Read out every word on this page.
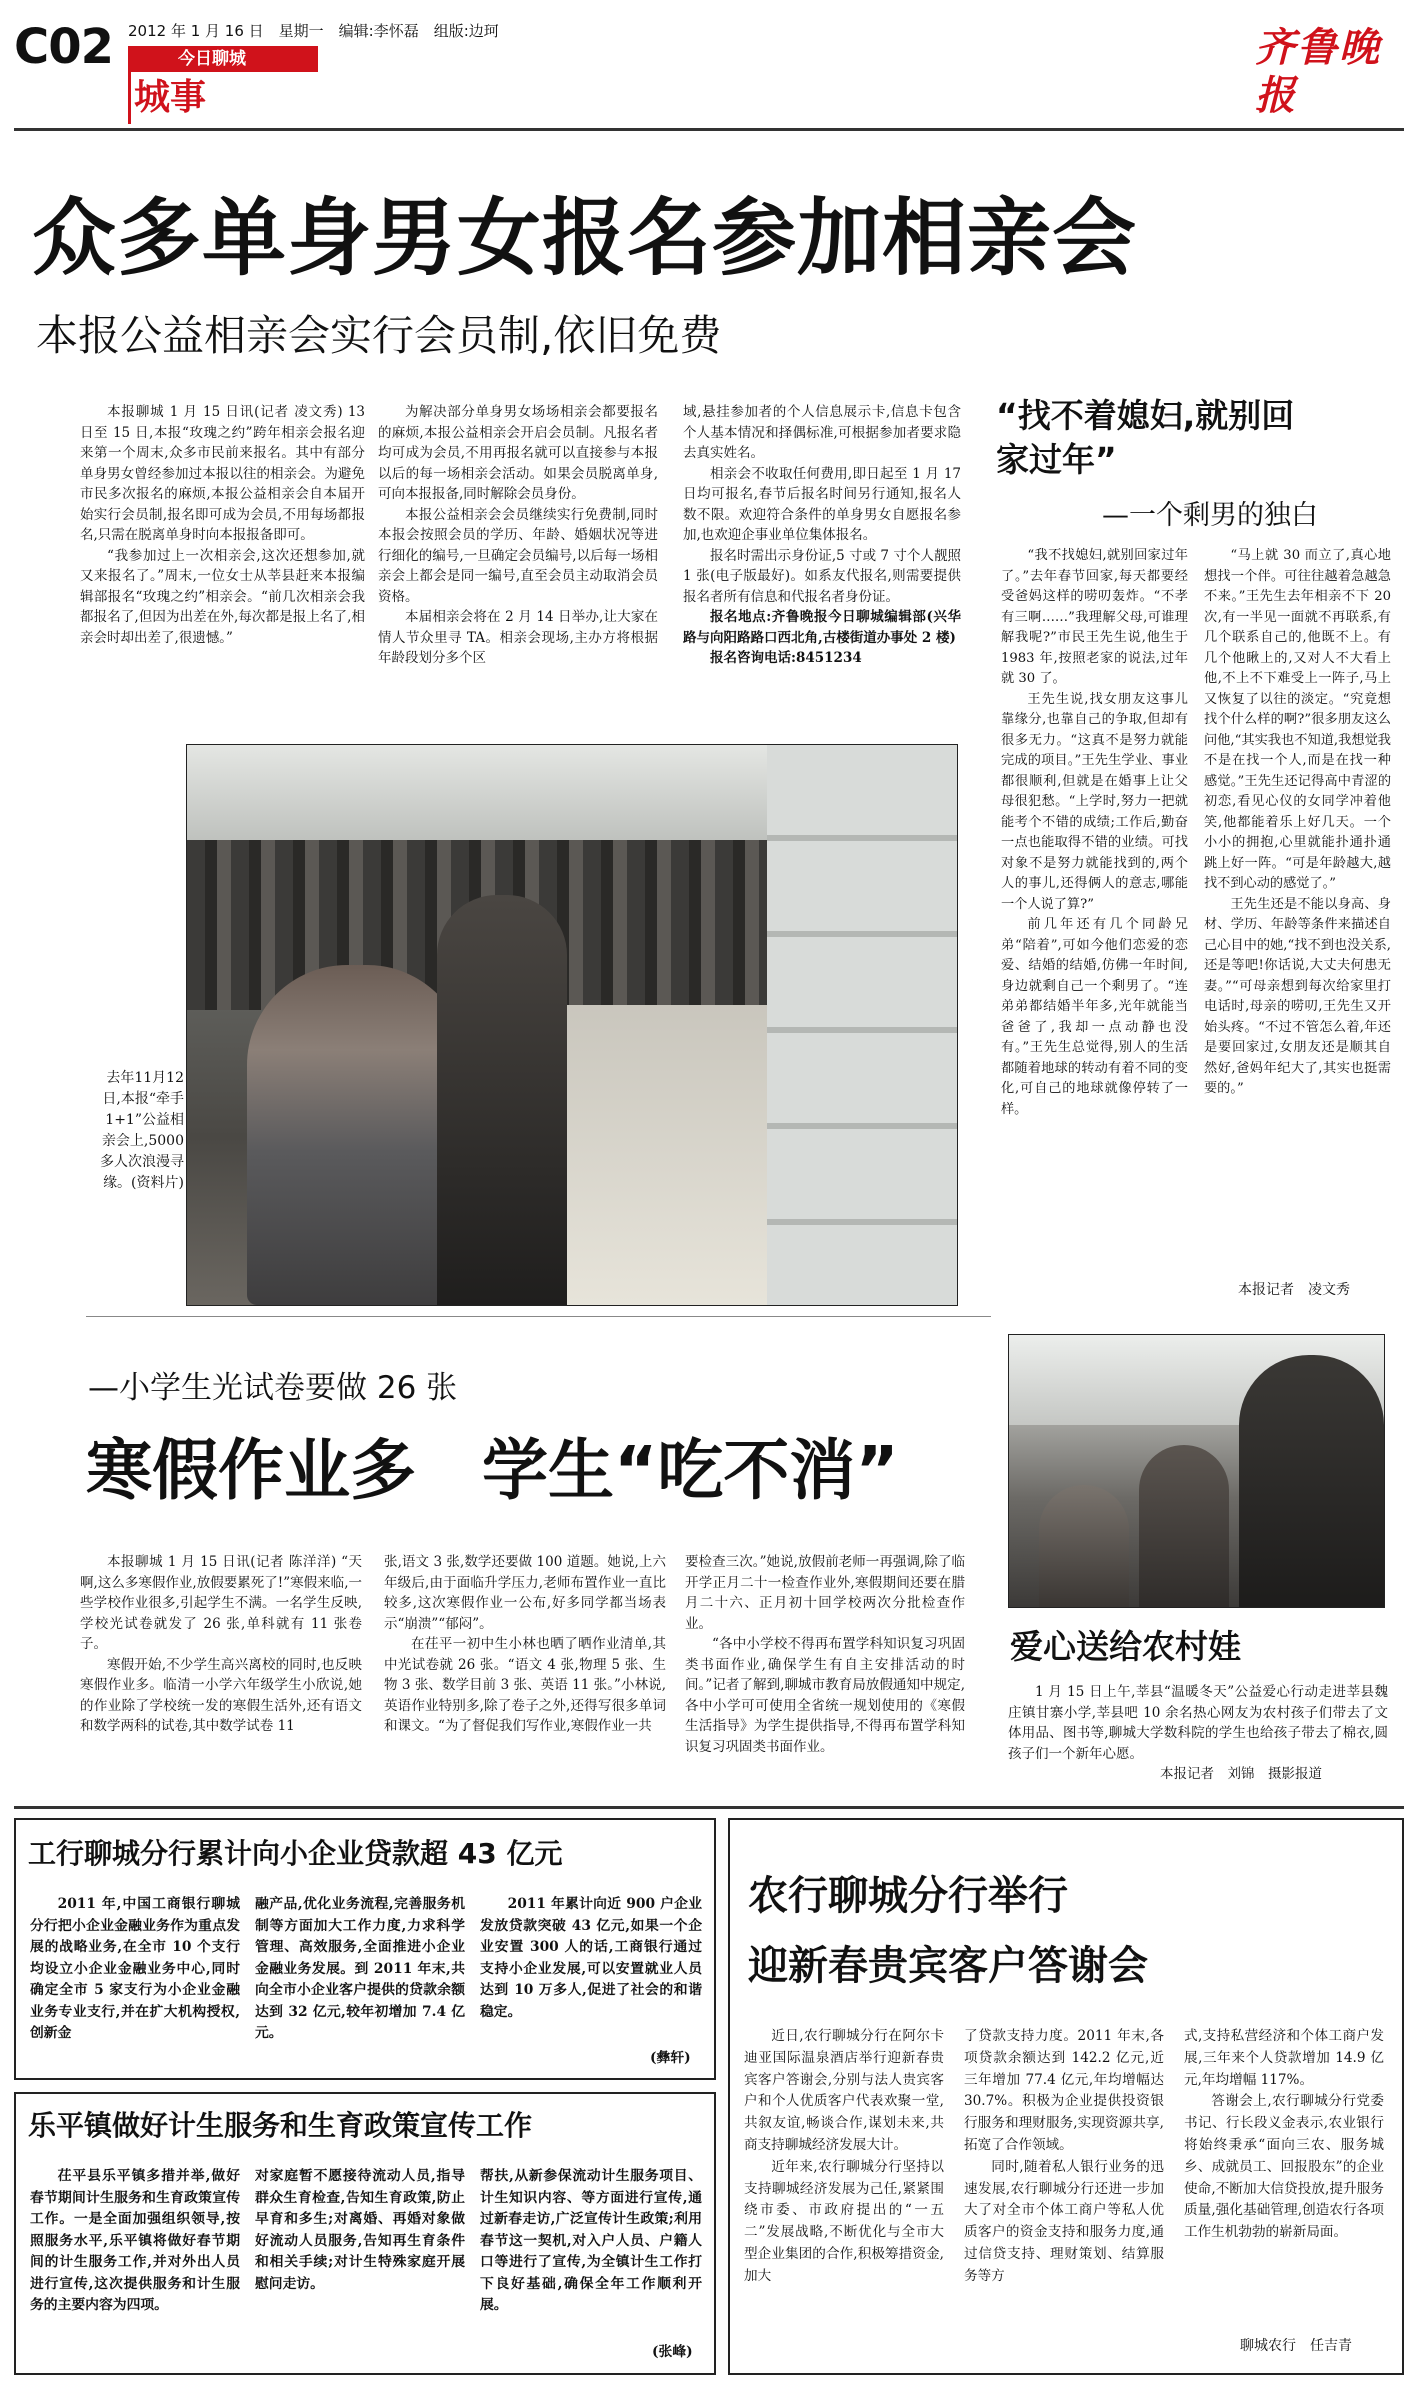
C02 2012 年 1 月 16 日　星期一　编辑:李怀磊　组版:边珂
今日聊城
城事
齐鲁晚报
众多单身男女报名参加相亲会
本报公益相亲会实行会员制,依旧免费

本报聊城 1 月 15 日讯(记者 凌文秀) 13 日至 15 日,本报“玫瑰之约”跨年相亲会报名迎来第一个周末,众多市民前来报名。其中有部分单身男女曾经参加过本报以往的相亲会。为避免市民多次报名的麻烦,本报公益相亲会自本届开始实行会员制,报名即可成为会员,不用每场都报名,只需在脱离单身时向本报报备即可。

“我参加过上一次相亲会,这次还想参加,就又来报名了。”周末,一位女士从莘县赶来本报编辑部报名“玫瑰之约”相亲会。“前几次相亲会我都报名了,但因为出差在外,每次都是报上名了,相亲会时却出差了,很遗憾。”

为解决部分单身男女场场相亲会都要报名的麻烦,本报公益相亲会开启会员制。凡报名者均可成为会员,不用再报名就可以直接参与本报以后的每一场相亲会活动。如果会员脱离单身,可向本报报备,同时解除会员身份。

本报公益相亲会会员继续实行免费制,同时本报会按照会员的学历、年龄、婚姻状况等进行细化的编号,一旦确定会员编号,以后每一场相亲会上都会是同一编号,直至会员主动取消会员资格。

本届相亲会将在 2 月 14 日举办,让大家在情人节众里寻 TA。相亲会现场,主办方将根据年龄段划分多个区

域,悬挂参加者的个人信息展示卡,信息卡包含个人基本情况和择偶标准,可根据参加者要求隐去真实姓名。

相亲会不收取任何费用,即日起至 1 月 17 日均可报名,春节后报名时间另行通知,报名人数不限。欢迎符合条件的单身男女自愿报名参加,也欢迎企事业单位集体报名。

报名时需出示身份证,5 寸或 7 寸个人靓照 1 张(电子版最好)。如系友代报名,则需要提供报名者所有信息和代报名者身份证。

报名地点:齐鲁晚报今日聊城编辑部(兴华路与向阳路路口西北角,古楼街道办事处 2 楼)

报名咨询电话:8451234

去年11月12日,本报“牵手1+1”公益相亲会上,5000 多人次浪漫寻缘。(资料片)
“找不着媳妇,就别回家过年”
—一个剩男的独白

“我不找媳妇,就别回家过年了。”去年春节回家,每天都要经受爸妈这样的唠叨轰炸。“不孝有三啊……”我理解父母,可谁理解我呢?”市民王先生说,他生于 1983 年,按照老家的说法,过年就 30 了。

王先生说,找女朋友这事儿靠缘分,也靠自己的争取,但却有很多无力。“这真不是努力就能完成的项目。”王先生学业、事业都很顺利,但就是在婚事上让父母很犯愁。“上学时,努力一把就能考个不错的成绩;工作后,勤奋一点也能取得不错的业绩。可找对象不是努力就能找到的,两个人的事儿,还得俩人的意志,哪能一个人说了算?”

前几年还有几个同龄兄弟“陪着”,可如今他们恋爱的恋爱、结婚的结婚,仿佛一年时间,身边就剩自己一个剩男了。“连弟弟都结婚半年多,光年就能当爸爸了,我却一点动静也没有。”王先生总觉得,别人的生活都随着地球的转动有着不同的变化,可自己的地球就像停转了一样。

“马上就 30 而立了,真心地想找一个伴。可往往越着急越急不来。”王先生去年相亲不下 20 次,有一半见一面就不再联系,有几个联系自己的,他既不上。有几个他瞅上的,又对人不大看上他,不上不下难受上一阵子,马上又恢复了以往的淡定。“究竟想找个什么样的啊?”很多朋友这么问他,“其实我也不知道,我想觉我不是在找一个人,而是在找一种感觉。”王先生还记得高中青涩的初恋,看见心仪的女同学冲着他笑,他都能着乐上好几天。一个小小的拥抱,心里就能扑通扑通跳上好一阵。“可是年龄越大,越找不到心动的感觉了。”

王先生还是不能以身高、身材、学历、年龄等条件来描述自己心目中的她,“找不到也没关系,还是等吧!你话说,大丈夫何患无妻。”“可母亲想到每次给家里打电话时,母亲的唠叨,王先生又开始头疼。“不过不管怎么着,年还是要回家过,女朋友还是顺其自然好,爸妈年纪大了,其实也挺需要的。”

本报记者　凌文秀
—小学生光试卷要做 26 张
寒假作业多　学生“吃不消”

本报聊城 1 月 15 日讯(记者 陈洋洋) “天啊,这么多寒假作业,放假要累死了!”寒假来临,一些学校作业很多,引起学生不满。一名学生反映,学校光试卷就发了 26 张,单科就有 11 张卷子。

寒假开始,不少学生高兴离校的同时,也反映寒假作业多。临清一小学六年级学生小欣说,她的作业除了学校统一发的寒假生活外,还有语文和数学两科的试卷,其中数学试卷 11

张,语文 3 张,数学还要做 100 道题。她说,上六年级后,由于面临升学压力,老师布置作业一直比较多,这次寒假作业一公布,好多同学都当场表示“崩溃”“郁闷”。

在茌平一初中生小林也晒了晒作业清单,其中光试卷就 26 张。“语文 4 张,物理 5 张、生物 3 张、数学目前 3 张、英语 11 张。”小林说,英语作业特别多,除了卷子之外,还得写很多单词和课文。“为了督促我们写作业,寒假作业一共

要检查三次。”她说,放假前老师一再强调,除了临开学正月二十一检查作业外,寒假期间还要在腊月二十六、正月初十回学校两次分批检查作业。

“各中小学校不得再布置学科知识复习巩固类书面作业,确保学生有自主安排活动的时间。”记者了解到,聊城市教育局放假通知中规定,各中小学可可使用全省统一规划使用的《寒假生活指导》为学生提供指导,不得再布置学科知识复习巩固类书面作业。

爱心送给农村娃
1 月 15 日上午,莘县“温暖冬天”公益爱心行动走进莘县魏庄镇甘寨小学,莘县吧 10 余名热心网友为农村孩子们带去了文体用品、图书等,聊城大学数科院的学生也给孩子带去了棉衣,圆孩子们一个新年心愿。
本报记者　刘锦　摄影报道
工行聊城分行累计向小企业贷款超 43 亿元
2011 年,中国工商银行聊城分行把小企业金融业务作为重点发展的战略业务,在全市 10 个支行均设立小企业金融业务中心,同时确定全市 5 家支行为小企业金融业务专业支行,并在扩大机构授权,创新金
融产品,优化业务流程,完善服务机制等方面加大工作力度,力求科学管理、高效服务,全面推进小企业金融业务发展。到 2011 年末,共向全市小企业客户提供的贷款余额达到 32 亿元,较年初增加 7.4 亿元。
2011 年累计向近 900 户企业发放贷款突破 43 亿元,如果一个企业安置 300 人的话,工商银行通过支持小企业发展,可以安置就业人员达到 10 万多人,促进了社会的和谐稳定。
(彝轩)
乐平镇做好计生服务和生育政策宣传工作
茌平县乐平镇多措并举,做好春节期间计生服务和生育政策宣传工作。一是全面加强组织领导,按照服务水平,乐平镇将做好春节期间的计生服务工作,并对外出人员进行宣传,这次提供服务和计生服务的主要内容为四项。
对家庭暂不愿接待流动人员,指导群众生育检查,告知生育政策,防止早育和多生;对离婚、再婚对象做好流动人员服务,告知再生育条件和相关手续;对计生特殊家庭开展慰问走访。
帮扶,从新参保流动计生服务项目、计生知识内容、等方面进行宣传,通过新春走访,广泛宣传计生政策;利用春节这一契机,对入户人员、户籍人口等进行了宣传,为全镇计生工作打下良好基础,确保全年工作顺利开展。
(张峰)
农行聊城分行举行
迎新春贵宾客户答谢会

近日,农行聊城分行在阿尔卡迪亚国际温泉酒店举行迎新春贵宾客户答谢会,分别与法人贵宾客户和个人优质客户代表欢聚一堂,共叙友谊,畅谈合作,谋划未来,共商支持聊城经济发展大计。

近年来,农行聊城分行坚持以支持聊城经济发展为己任,紧紧围绕市委、市政府提出的“一五二”发展战略,不断优化与全市大型企业集团的合作,积极筹措资金,加大

了贷款支持力度。2011 年末,各项贷款余额达到 142.2 亿元,近三年增加 77.4 亿元,年均增幅达 30.7%。积极为企业提供投资银行服务和理财服务,实现资源共享,拓宽了合作领域。

同时,随着私人银行业务的迅速发展,农行聊城分行还进一步加大了对全市个体工商户等私人优质客户的资金支持和服务力度,通过信贷支持、理财策划、结算服务等方

式,支持私营经济和个体工商户发展,三年来个人贷款增加 14.9 亿元,年均增幅 117%。

答谢会上,农行聊城分行党委书记、行长段义金表示,农业银行将始终秉承“面向三农、服务城乡、成就员工、回报股东”的企业使命,不断加大信贷投放,提升服务质量,强化基础管理,创造农行各项工作生机勃勃的崭新局面。

聊城农行　任吉青
